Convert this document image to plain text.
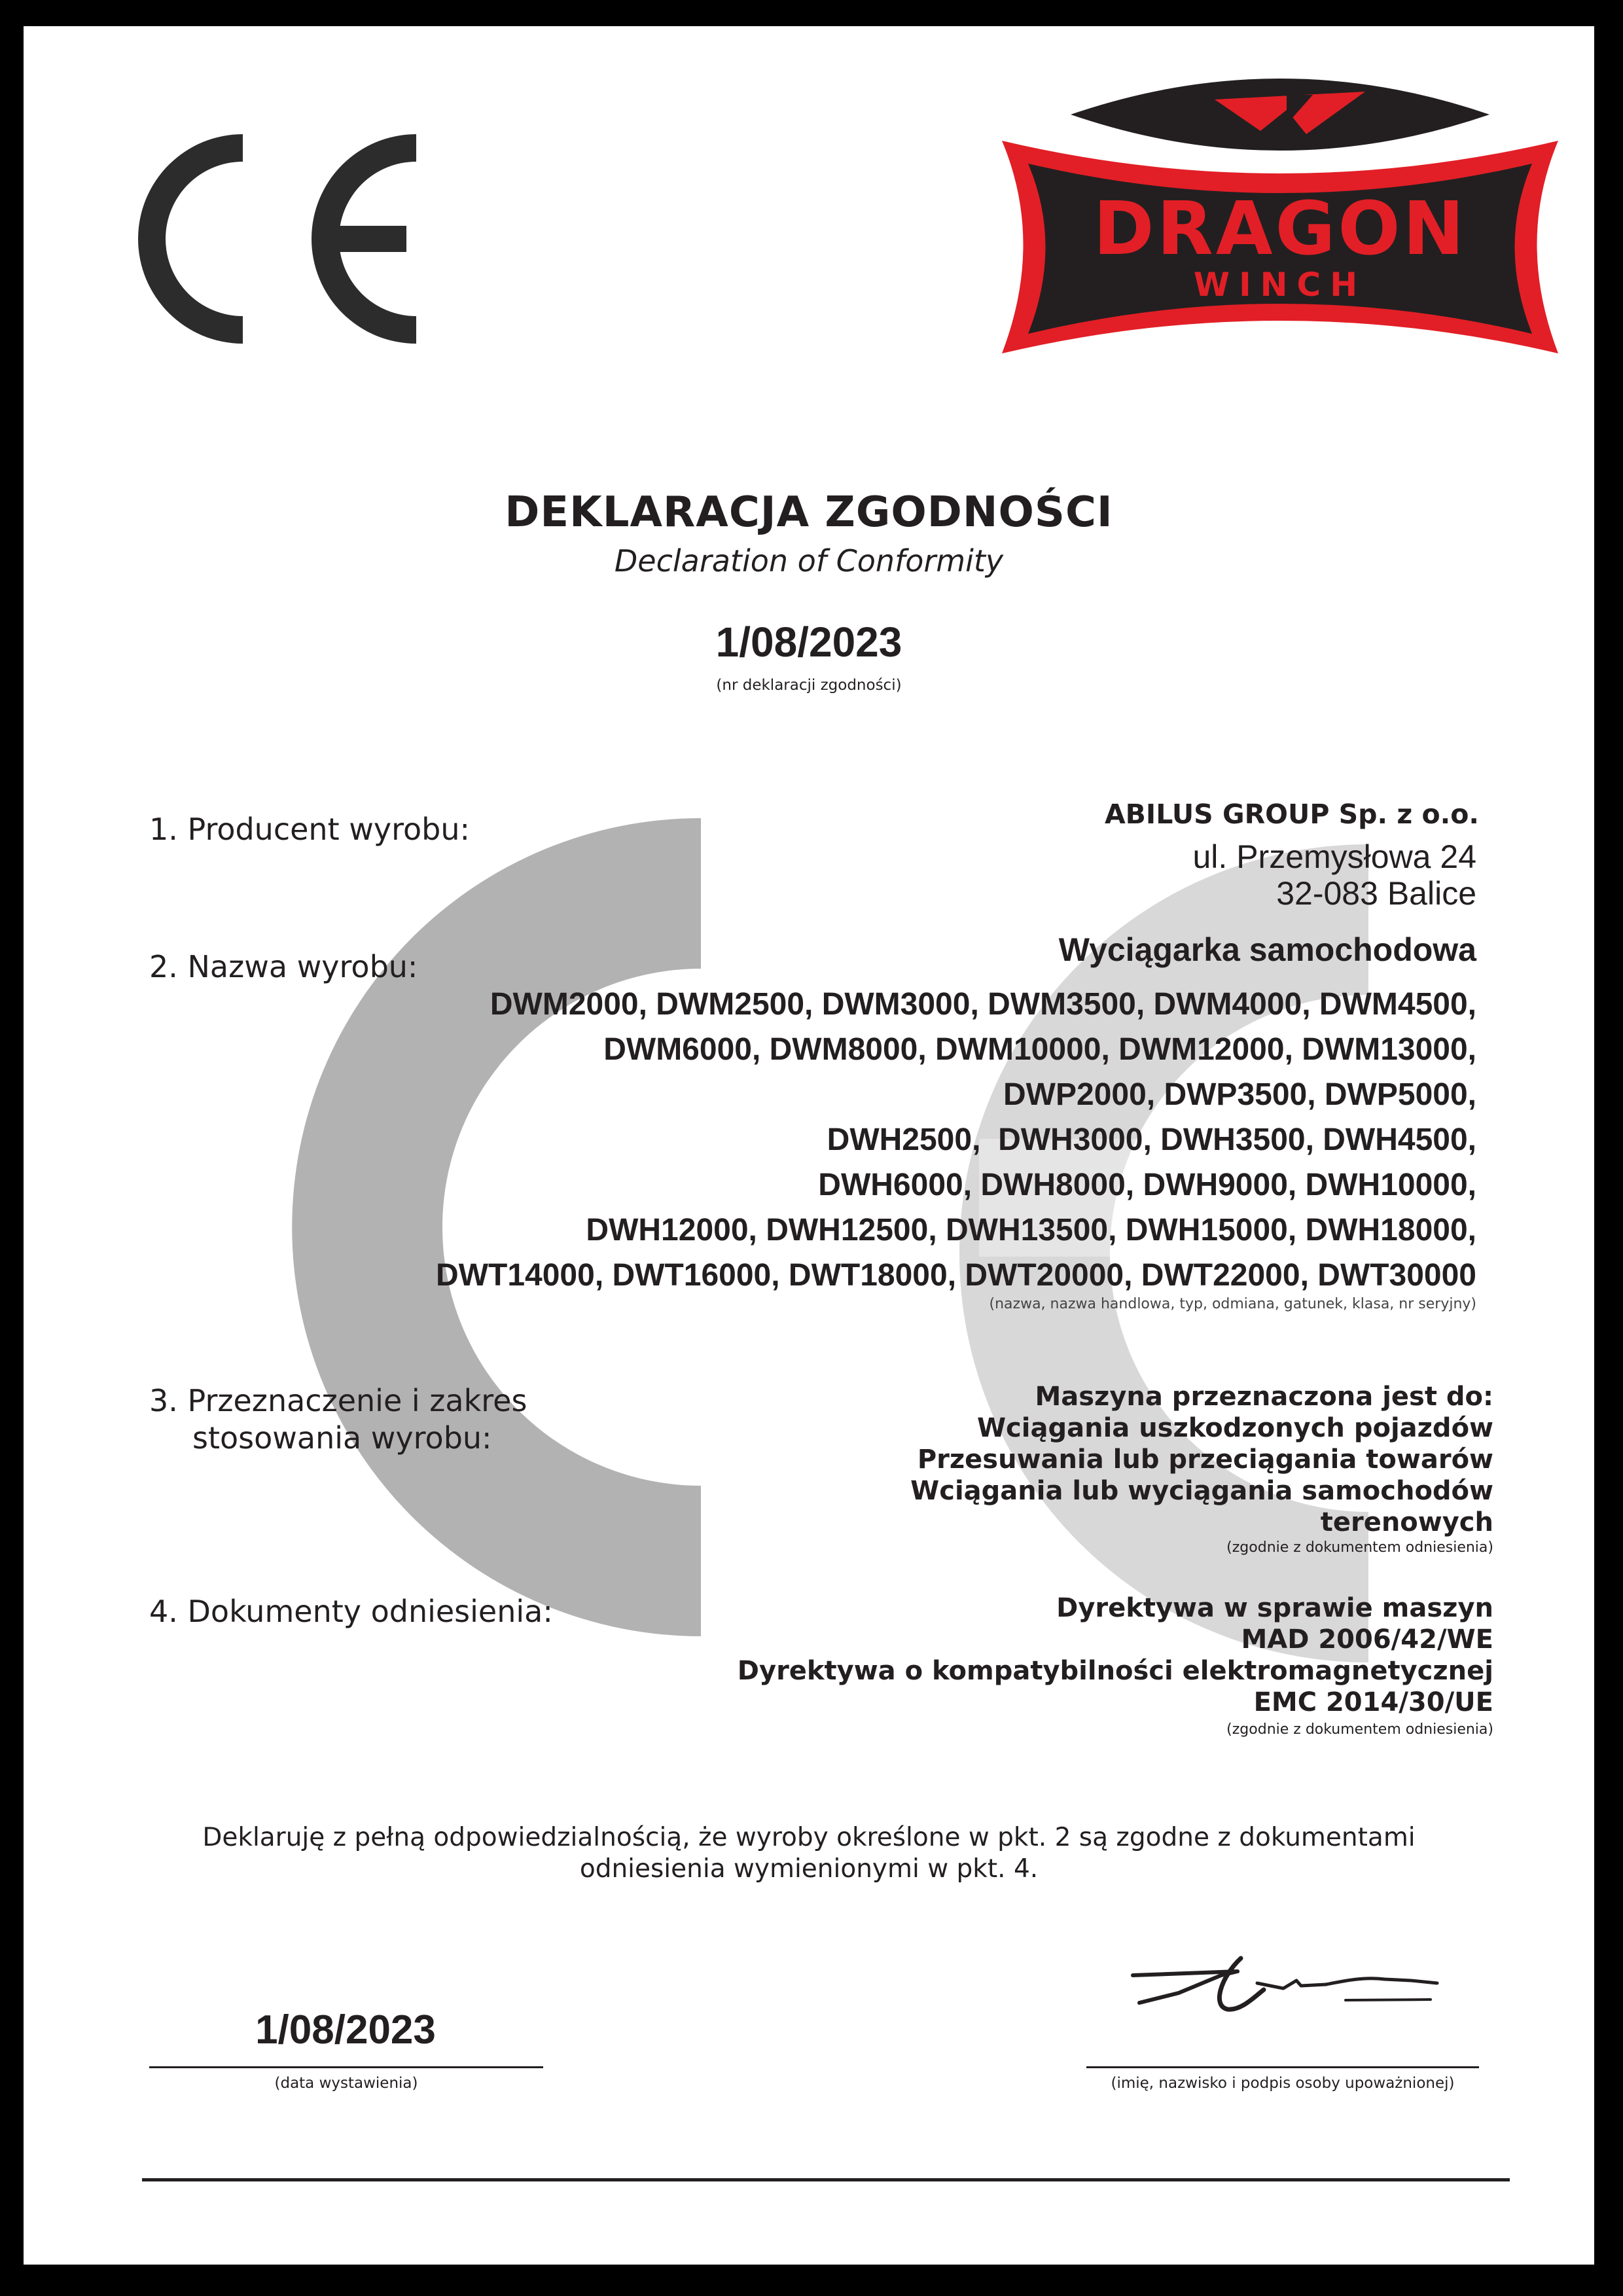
DRAGON
WINCH
DEKLARACJA ZGODNOŚCI
Declaration of Conformity
1/08/2023
(nr deklaracji zgodności)
1. Producent wyrobu:	ABILUS GROUP Sp. z o.o.
ul. Przemysłowa 24
32-083 Balice
2. Nazwa wyrobu:	Wyciągarka samochodowa
DWM2000, DWM2500, DWM3000, DWM3500, DWM4000, DWM4500,
DWM6000, DWM8000, DWM10000, DWM12000, DWM13000,
DWP2000, DWP3500, DWP5000,
DWH2500,  DWH3000, DWH3500, DWH4500,
DWH6000, DWH8000, DWH9000, DWH10000,
DWH12000, DWH12500, DWH13500, DWH15000, DWH18000,
DWT14000, DWT16000, DWT18000, DWT20000, DWT22000, DWT30000
(nazwa, nazwa handlowa, typ, odmiana, gatunek, klasa, nr seryjny)
3. Przeznaczenie i zakres
stosowania wyrobu:
Maszyna przeznaczona jest do:
Wciągania uszkodzonych pojazdów
Przesuwania lub przeciągania towarów
Wciągania lub wyciągania samochodów
terenowych
(zgodnie z dokumentem odniesienia)
4. Dokumenty odniesienia:	Dyrektywa w sprawie maszyn
MAD 2006/42/WE
Dyrektywa o kompatybilności elektromagnetycznej
EMC 2014/30/UE
(zgodnie z dokumentem odniesienia)
Deklaruję z pełną odpowiedzialnością, że wyroby określone w pkt. 2 są zgodne z dokumentami
odniesienia wymienionymi w pkt. 4.
1/08/2023
(data wystawienia)	(imię, nazwisko i podpis osoby upoważnionej)
